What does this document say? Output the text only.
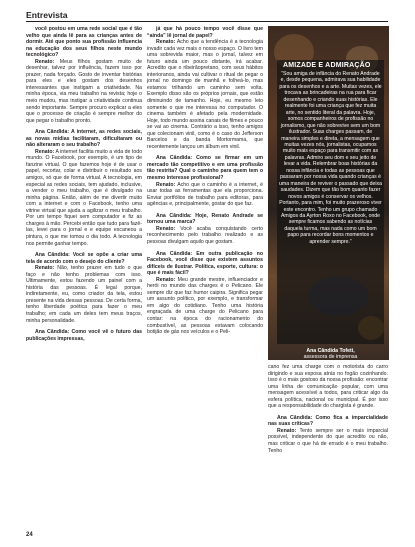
Entrevista

você postou em uma rede social que é tão velho que ainda lê para as crianças antes de dormir. Até que ponto sua profissão influencia na educação dos seus filhos neste mundo tecnológico?

Renato: Meus filhos gostam muito de desenhar, talvez por influência, fazem isso por prazer, nada forçado. Gosto de inventar histórias para eles e eles gostam dos desenhos interessantes que instigam a criatividade. Na minha época, via meu trabalho na revista; hoje o meio mudou, mas instigar a criatividade continua sendo importante. Sempre procuro explicar a eles que o processo de criação é sempre melhor do que pegar o trabalho pronto.

Ana Cândida: A internet, as redes sociais, as novas mídias facilitaram, dificultaram ou não alteraram o seu trabalho?

Renato: A internet facilita muito a vida de todo mundo. O Facebook, por exemplo, é um tipo de fanzine virtual. O que fazemos hoje é de usar o papel, recortar, colar e distribuir o resultado aos amigos, só que de forma virtual. A tecnologia, em especial as redes sociais, tem ajudado, inclusive, a vender o meu trabalho, que é divulgado na minha página. Então, além de me divertir muito com a internet e com o Facebook, tenho uma vitrine virtual que ajuda a agilizar o meu trabalho. Por um tempo fiquei sem computador e fiz as charges à mão. Percebi então que tudo para fazê-las, levei para o jornal e e equipe escaneou a pintura, o que me tomou o dia todo. A tecnologia nos permite ganhar tempo.

Ana Cândida: Você se opõe a criar uma tela de acordo com o desejo do cliente?

Renato: Não, tenho prazer em tudo o que faço e não tenho problemas com isso. Ultimamente, estou fazendo um painel com a história das pessoas. É legal porque, indiretamente, eu, como criador da tela, estou presente na vida dessas pessoas. De certa forma, tenho liberdade poética para fazer o meu trabalho; em cada um deles tem meus traços, minha personalidade.

Ana Cândida: Como você vê o futuro das publicações impressas,

já que há pouco tempo você disse que “ainda” lê jornal de papel?

Renato: Acho que a tendência é a tecnologia invadir cada vez mais o nosso espaço. O livro tem uma sobrevida maior, mas o jornal, talvez em futuro ainda um pouco distante, irá acabar. Acredito que o ribeirãopretano, com seus hábitos interioranos, ainda vai cultivar o ritual de pegar o jornal no domingo de manhã e folheá-lo, mas estamos trilhando um caminho sem volta. Exemplo disso são os próprios jornais, que estão diminuindo de tamanho. Hoje, eu mesmo leio somente o que me interessa no computador. O cinema também é afetado pela modernidade. Hoje, todo mundo assina canais de filmes e pouco se vai ao cinema. Contrário a isso, tenho amigos que colecionam vinil, como é o caso do Jefferson Barcelos e da banda Mortormama, que recentemente lançou um álbum em vinil.

Ana Cândida: Como se firmar em um mercado tão competitivo e em uma profissão tão restrita? Qual o caminho para quem tem o mesmo interesse profissional?

Renato: Acho que o caminho é a internet, é usar todas as ferramentas que ela proporciona. Enviar portfólios de trabalho para editoras, para agências e, principalmente, gostar do que faz.

Ana Cândida: Hoje, Renato Andrade se tornou uma marca?

Renato: Você acaba conquistando certo reconhecimento pelo trabalho realizado e as pessoas divulgam aquilo que gostam.

Ana Cândida: Em outra publicação no Facebook, você disse que existem assuntos difíceis de ilustrar. Política, esporte, cultura: o que é mais fácil?

Renato: Meu grande mestre, influenciador e herói no mundo das charges é o Pelicano. Ele sempre diz que faz humor caipira. Significa pegar um assunto político, por exemplo, e transformar em algo do cotidiano. Tenho uma história engraçada de uma charge do Pelicano para contar: na época do racionamento do combustível, as pessoas estavam colocando botijão de gás nos veículos e o Peli-

AMIZADE E ADMIRAÇÃO
“Sou amiga de infância do Renato Andrade e, desde pequena, admirava sua habilidade para os desenhos e a arte. Muitas vezes, ele trocava as brincadeiras na rua para ficar desenhando e criando suas histórias. Ele realmente foi uma criança que fez muita arte, no sentido literal da palavra. Hoje, somos companheiros de profissão no jornalismo, que não sobrevive sem um bom ilustrador. Suas charges passam, de maneira simples e direta, a mensagem que muitas vezes nós, jornalistas, ocupamos muito mais espaço para transmitir com as palavras. Admiro seu dom e seu jeito de levar a vida. Relembrar boas histórias da nossa infância e todas as pessoas que passaram por nossa vida quando crianças é uma maneira de reviver o passado que deixa saudades. Dizem que tão bom quanto fazer novos amigos é conservar os velhos. Portanto, para mim, foi muito prazeroso viver este encontro. Tenho um grupo chamado Amigos da Ayrton Roxo no Facebook, onde sempre ficamos sabendo as notícias daquela turma, mas nada como um bom papo para recordar bons momentos e aprender sempre.”
Ana Cândida Tofeti,
assessora de imprensa

cano fez uma charge com o motorista do carro dirigindo e sua esposa atrás no fogão cozinhando. Isso é o mais gostoso da nossa profissão: encontrar uma linha de comunicação popular, com uma mensagem acessível a todos, para criticar algo da esfera política, nacional ou municipal. É por isso que a responsabilidade do chargista é grande.

Ana Cândida: Como fica a imparcialidade nas suas críticas?

Renato: Tento sempre ser o mais imparcial possível, independente do que acredito ou não, mas criticar o que há de errado é o meu trabalho. Tenho

24
